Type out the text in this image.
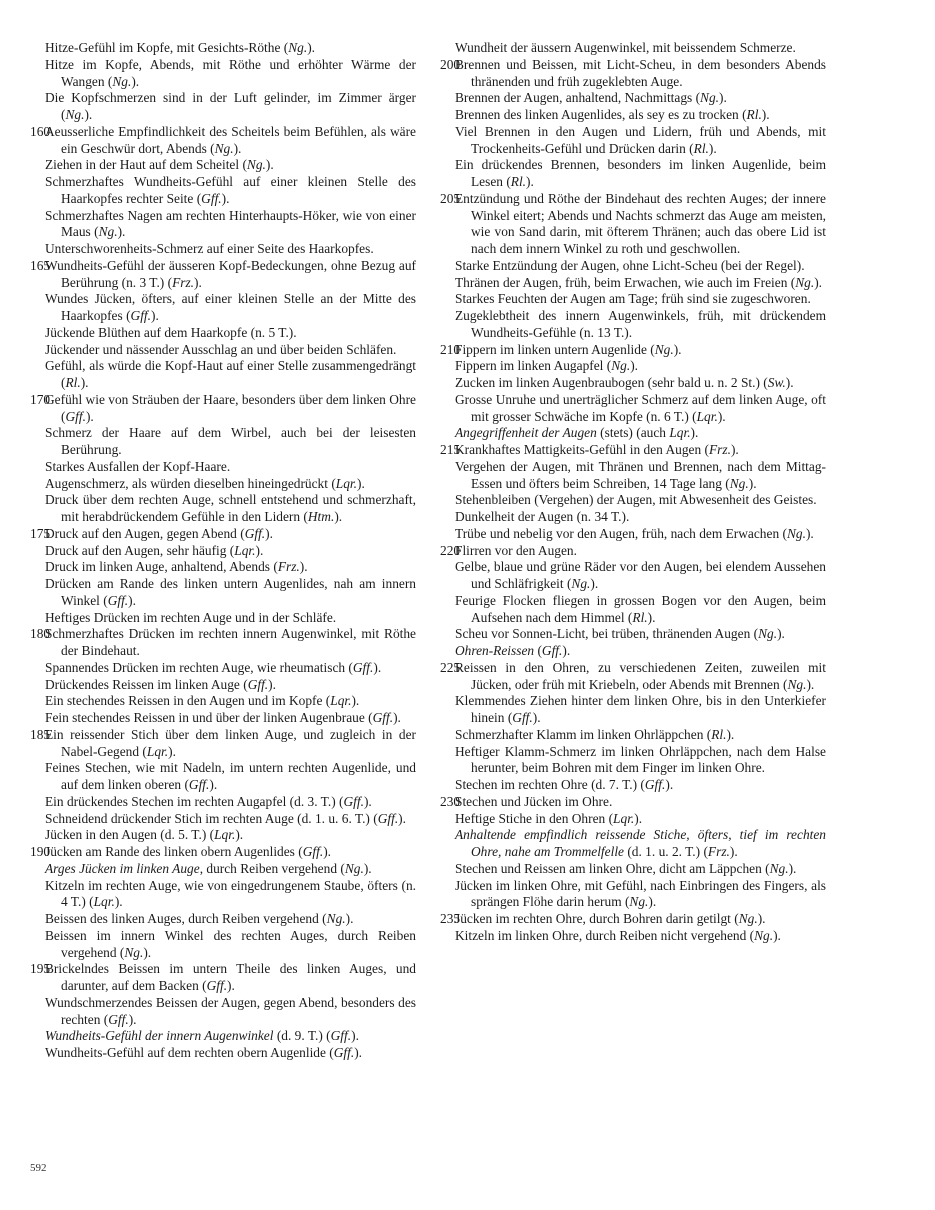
Hitze-Gefühl im Kopfe, mit Gesichts-Röthe (Ng.).
Hitze im Kopfe, Abends, mit Röthe und erhöhter Wärme der Wangen (Ng.).
Die Kopfschmerzen sind in der Luft gelinder, im Zimmer ärger (Ng.).
160
Aeusserliche Empfindlichkeit des Scheitels beim Befühlen, als wäre ein Geschwür dort, Abends (Ng.).
Ziehen in der Haut auf dem Scheitel (Ng.).
Schmerzhaftes Wundheits-Gefühl auf einer kleinen Stelle des Haarkopfes rechter Seite (Gff.).
Schmerzhaftes Nagen am rechten Hinterhaupts-Höker, wie von einer Maus (Ng.).
Unterschworenheits-Schmerz auf einer Seite des Haarkopfes.
165
Wundheits-Gefühl der äusseren Kopf-Bedeckungen, ohne Bezug auf Berührung (n. 3 T.) (Frz.).
Wundes Jücken, öfters, auf einer kleinen Stelle an der Mitte des Haarkopfes (Gff.).
Jückende Blüthen auf dem Haarkopfe (n. 5 T.).
Jückender und nässender Ausschlag an und über beiden Schläfen.
Gefühl, als würde die Kopf-Haut auf einer Stelle zusammengedrängt (Rl.).
170
Gefühl wie von Sträuben der Haare, besonders über dem linken Ohre (Gff.).
Schmerz der Haare auf dem Wirbel, auch bei der leisesten Berührung.
Starkes Ausfallen der Kopf-Haare.
Augenschmerz, als würden dieselben hineingedrückt (Lqr.).
Druck über dem rechten Auge, schnell entstehend und schmerzhaft, mit herabdrückendem Gefühle in den Lidern (Htm.).
175
Druck auf den Augen, gegen Abend (Gff.).
Druck auf den Augen, sehr häufig (Lqr.).
Druck im linken Auge, anhaltend, Abends (Frz.).
Drücken am Rande des linken untern Augenlides, nah am innern Winkel (Gff.).
Heftiges Drücken im rechten Auge und in der Schläfe.
180
Schmerzhaftes Drücken im rechten innern Augenwinkel, mit Röthe der Bindehaut.
Spannendes Drücken im rechten Auge, wie rheumatisch (Gff.).
Drückendes Reissen im linken Auge (Gff.).
Ein stechendes Reissen in den Augen und im Kopfe (Lqr.).
Fein stechendes Reissen in und über der linken Augenbraue (Gff.).
185
Ein reissender Stich über dem linken Auge, und zugleich in der Nabel-Gegend (Lqr.).
Feines Stechen, wie mit Nadeln, im untern rechten Augenlide, und auf dem linken oberen (Gff.).
Ein drückendes Stechen im rechten Augapfel (d. 3. T.) (Gff.).
Schneidend drückender Stich im rechten Auge (d. 1. u. 6. T.) (Gff.).
Jücken in den Augen (d. 5. T.) (Lqr.).
190
Jücken am Rande des linken obern Augenlides (Gff.).
Arges Jücken im linken Auge, durch Reiben vergehend (Ng.).
Kitzeln im rechten Auge, wie von eingedrungenem Staube, öfters (n. 4 T.) (Lqr.).
Beissen des linken Auges, durch Reiben vergehend (Ng.).
Beissen im innern Winkel des rechten Auges, durch Reiben vergehend (Ng.).
195
Brickelndes Beissen im untern Theile des linken Auges, und darunter, auf dem Backen (Gff.).
Wundschmerzendes Beissen der Augen, gegen Abend, besonders des rechten (Gff.).
Wundheits-Gefühl der innern Augenwinkel (d. 9. T.) (Gff.).
Wundheits-Gefühl auf dem rechten obern Augenlide (Gff.).
Wundheit der äussern Augenwinkel, mit beissendem Schmerze.
200
Brennen und Beissen, mit Licht-Scheu, in dem besonders Abends thränenden und früh zugeklebten Auge.
Brennen der Augen, anhaltend, Nachmittags (Ng.).
Brennen des linken Augenlides, als sey es zu trocken (Rl.).
Viel Brennen in den Augen und Lidern, früh und Abends, mit Trockenheits-Gefühl und Drücken darin (Rl.).
Ein drückendes Brennen, besonders im linken Augenlide, beim Lesen (Rl.).
205
Entzündung und Röthe der Bindehaut des rechten Auges; der innere Winkel eitert; Abends und Nachts schmerzt das Auge am meisten, wie von Sand darin, mit öfterem Thränen; auch das obere Lid ist nach dem innern Winkel zu roth und geschwollen.
Starke Entzündung der Augen, ohne Licht-Scheu (bei der Regel).
Thränen der Augen, früh, beim Erwachen, wie auch im Freien (Ng.).
Starkes Feuchten der Augen am Tage; früh sind sie zugeschworen.
Zugeklebtheit des innern Augenwinkels, früh, mit drückendem Wundheits-Gefühle (n. 13 T.).
210
Fippern im linken untern Augenlide (Ng.).
Fippern im linken Augapfel (Ng.).
Zucken im linken Augenbraubogen (sehr bald u. n. 2 St.) (Sw.).
Grosse Unruhe und unerträglicher Schmerz auf dem linken Auge, oft mit grosser Schwäche im Kopfe (n. 6 T.) (Lqr.).
Angegriffenheit der Augen (stets) (auch Lqr.).
215
Krankhaftes Mattigkeits-Gefühl in den Augen (Frz.).
Vergehen der Augen, mit Thränen und Brennen, nach dem Mittag-Essen und öfters beim Schreiben, 14 Tage lang (Ng.).
Stehenbleiben (Vergehen) der Augen, mit Abwesenheit des Geistes.
Dunkelheit der Augen (n. 34 T.).
Trübe und nebelig vor den Augen, früh, nach dem Erwachen (Ng.).
220
Flirren vor den Augen.
Gelbe, blaue und grüne Räder vor den Augen, bei elendem Aussehen und Schläfrigkeit (Ng.).
Feurige Flocken fliegen in grossen Bogen vor den Augen, beim Aufsehen nach dem Himmel (Rl.).
Scheu vor Sonnen-Licht, bei trüben, thränenden Augen (Ng.).
Ohren-Reissen (Gff.).
225
Reissen in den Ohren, zu verschiedenen Zeiten, zuweilen mit Jücken, oder früh mit Kriebeln, oder Abends mit Brennen (Ng.).
Klemmendes Ziehen hinter dem linken Ohre, bis in den Unterkiefer hinein (Gff.).
Schmerzhafter Klamm im linken Ohrläppchen (Rl.).
Heftiger Klamm-Schmerz im linken Ohrläppchen, nach dem Halse herunter, beim Bohren mit dem Finger im linken Ohre.
Stechen im rechten Ohre (d. 7. T.) (Gff.).
230
Stechen und Jücken im Ohre.
Heftige Stiche in den Ohren (Lqr.).
Anhaltende empfindlich reissende Stiche, öfters, tief im rechten Ohre, nahe am Trommelfelle (d. 1. u. 2. T.) (Frz.).
Stechen und Reissen am linken Ohre, dicht am Läppchen (Ng.).
Jücken im linken Ohre, mit Gefühl, nach Einbringen des Fingers, als sprängen Flöhe darin herum (Ng.).
235
Jücken im rechten Ohre, durch Bohren darin getilgt (Ng.).
Kitzeln im linken Ohre, durch Reiben nicht vergehend (Ng.).
592
